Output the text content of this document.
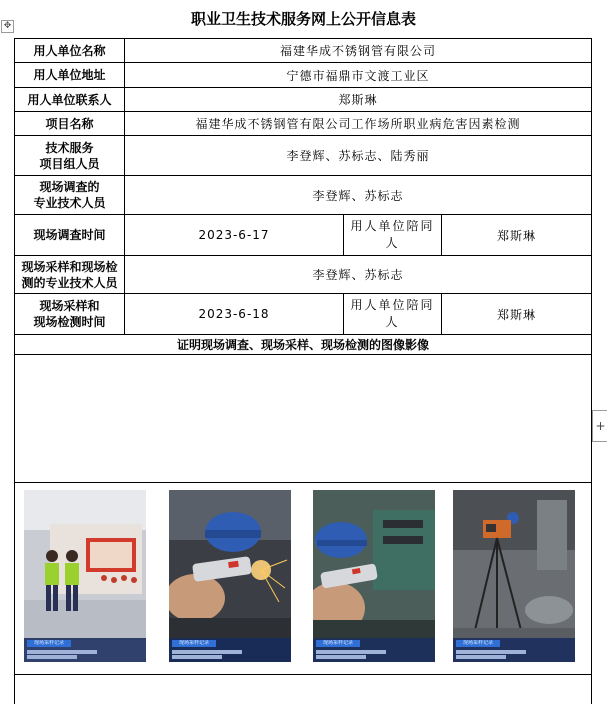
职业卫生技术服务网上公开信息表
✥
+
用人单位名称	福建华成不锈钢管有限公司		
用人单位地址	宁德市福鼎市文渡工业区		
用人单位联系人	郑斯琳		
项目名称	福建华成不锈钢管有限公司工作场所职业病危害因素检测		
技术服务
项目组人员	李登辉、苏标志、陆秀丽		
现场调查的
专业技术人员	李登辉、苏标志		
现场调查时间	2023-6-17	用人单位陪同人	郑斯琳
现场采样和现场检测的专业技术人员	李登辉、苏标志		
现场采样和
现场检测时间	2023-6-18	用人单位陪同人	郑斯琳
证明现场调查、现场采样、现场检测的图像影像			

现场采样记录	现场采样记录	现场采样记录	现场采样记录
